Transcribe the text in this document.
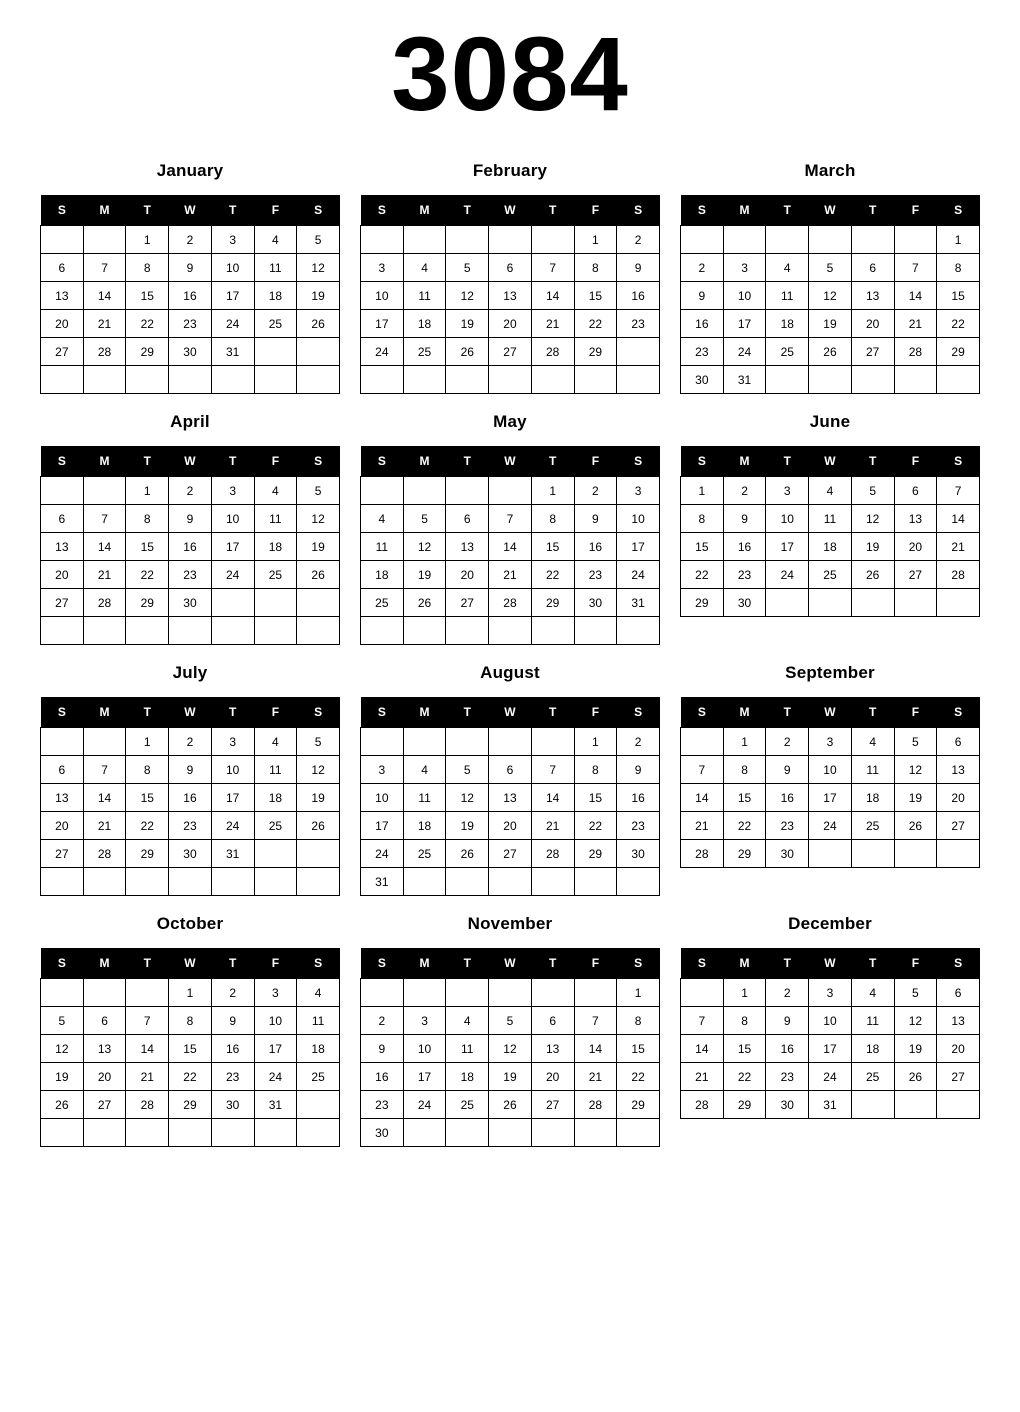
3084
January
S	M	T	W	T	F	S
		1	2	3	4	5
6	7	8	9	10	11	12
13	14	15	16	17	18	19
20	21	22	23	24	25	26
27	28	29	30	31		

February
S	M	T	W	T	F	S
					1	2
3	4	5	6	7	8	9
10	11	12	13	14	15	16
17	18	19	20	21	22	23
24	25	26	27	28	29	

March
S	M	T	W	T	F	S
						1
2	3	4	5	6	7	8
9	10	11	12	13	14	15
16	17	18	19	20	21	22
23	24	25	26	27	28	29
30	31					
April
S	M	T	W	T	F	S
		1	2	3	4	5
6	7	8	9	10	11	12
13	14	15	16	17	18	19
20	21	22	23	24	25	26
27	28	29	30			

May
S	M	T	W	T	F	S
				1	2	3
4	5	6	7	8	9	10
11	12	13	14	15	16	17
18	19	20	21	22	23	24
25	26	27	28	29	30	31

June
S	M	T	W	T	F	S
1	2	3	4	5	6	7
8	9	10	11	12	13	14
15	16	17	18	19	20	21
22	23	24	25	26	27	28
29	30					
July
S	M	T	W	T	F	S
		1	2	3	4	5
6	7	8	9	10	11	12
13	14	15	16	17	18	19
20	21	22	23	24	25	26
27	28	29	30	31		

August
S	M	T	W	T	F	S
					1	2
3	4	5	6	7	8	9
10	11	12	13	14	15	16
17	18	19	20	21	22	23
24	25	26	27	28	29	30
31						
September
S	M	T	W	T	F	S
	1	2	3	4	5	6
7	8	9	10	11	12	13
14	15	16	17	18	19	20
21	22	23	24	25	26	27
28	29	30				
October
S	M	T	W	T	F	S
			1	2	3	4
5	6	7	8	9	10	11
12	13	14	15	16	17	18
19	20	21	22	23	24	25
26	27	28	29	30	31	

November
S	M	T	W	T	F	S
						1
2	3	4	5	6	7	8
9	10	11	12	13	14	15
16	17	18	19	20	21	22
23	24	25	26	27	28	29
30						
December
S	M	T	W	T	F	S
	1	2	3	4	5	6
7	8	9	10	11	12	13
14	15	16	17	18	19	20
21	22	23	24	25	26	27
28	29	30	31			
